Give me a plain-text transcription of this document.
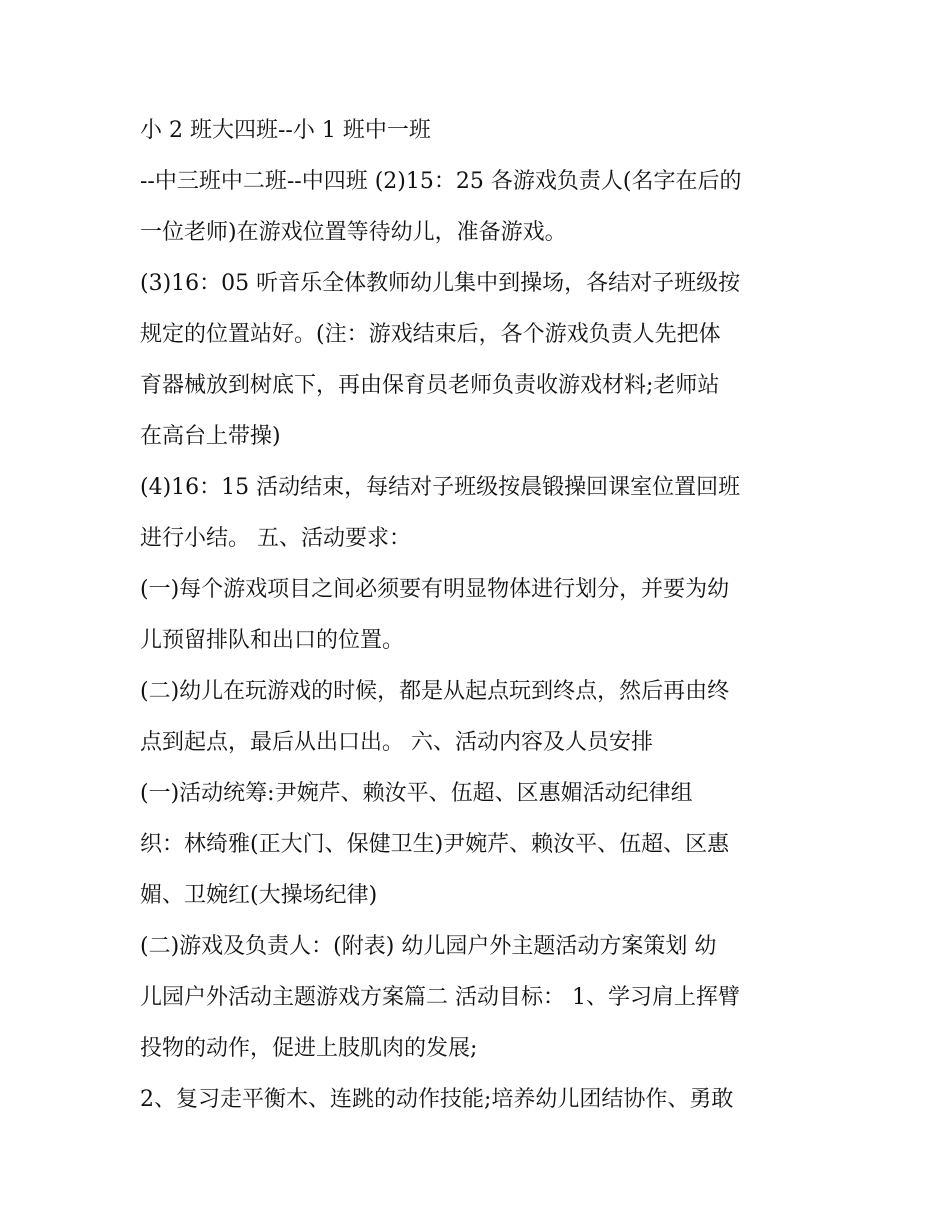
小 2 班大四班--小 1 班中一班
--中三班中二班--中四班 (2)15：25 各游戏负责人(名字在后的
一位老师)在游戏位置等待幼儿，准备游戏。
(3)16：05 听音乐全体教师幼儿集中到操场，各结对子班级按
规定的位置站好。(注：游戏结束后，各个游戏负责人先把体
育器械放到树底下，再由保育员老师负责收游戏材料;老师站
在高台上带操)
(4)16：15 活动结束，每结对子班级按晨锻操回课室位置回班
进行小结。 五、活动要求：
(一)每个游戏项目之间必须要有明显物体进行划分，并要为幼
儿预留排队和出口的位置。
(二)幼儿在玩游戏的时候，都是从起点玩到终点，然后再由终
点到起点，最后从出口出。 六、活动内容及人员安排
(一)活动统筹:尹婉芹、赖汝平、伍超、区惠媚活动纪律组
织：林绮雅(正大门、保健卫生)尹婉芹、赖汝平、伍超、区惠
媚、卫婉红(大操场纪律)
(二)游戏及负责人：(附表) 幼儿园户外主题活动方案策划 幼
儿园户外活动主题游戏方案篇二 活动目标： 1、学习肩上挥臂
投物的动作，促进上肢肌肉的发展;
2、复习走平衡木、连跳的动作技能;培养幼儿团结协作、勇敢
